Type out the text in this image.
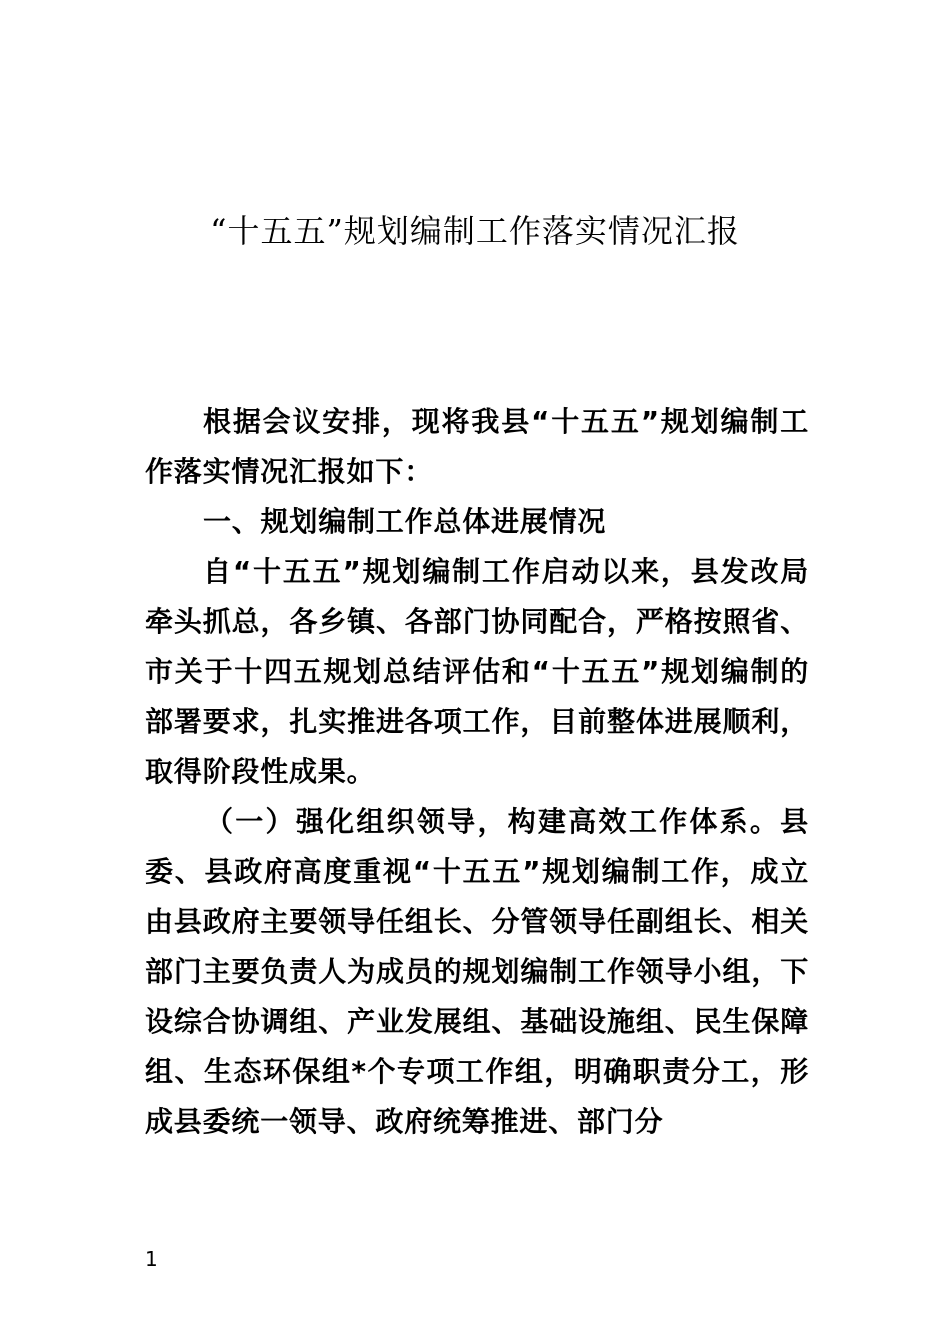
“十五五”规划编制工作落实情况汇报

根据会议安排，现将我县“十五五”规划编制工作落实情况汇报如下：

一、规划编制工作总体进展情况

自“十五五”规划编制工作启动以来，县发改局牵头抓总，各乡镇、各部门协同配合，严格按照省、市关于十四五规划总结评估和“十五五”规划编制的部署要求，扎实推进各项工作，目前整体进展顺利，取得阶段性成果。

（一）强化组织领导，构建高效工作体系。县委、县政府高度重视“十五五”规划编制工作，成立由县政府主要领导任组长、分管领导任副组长、相关部门主要负责人为成员的规划编制工作领导小组，下设综合协调组、产业发展组、基础设施组、民生保障组、生态环保组*个专项工作组，明确职责分工，形成县委统一领导、政府统筹推进、部门分

1
